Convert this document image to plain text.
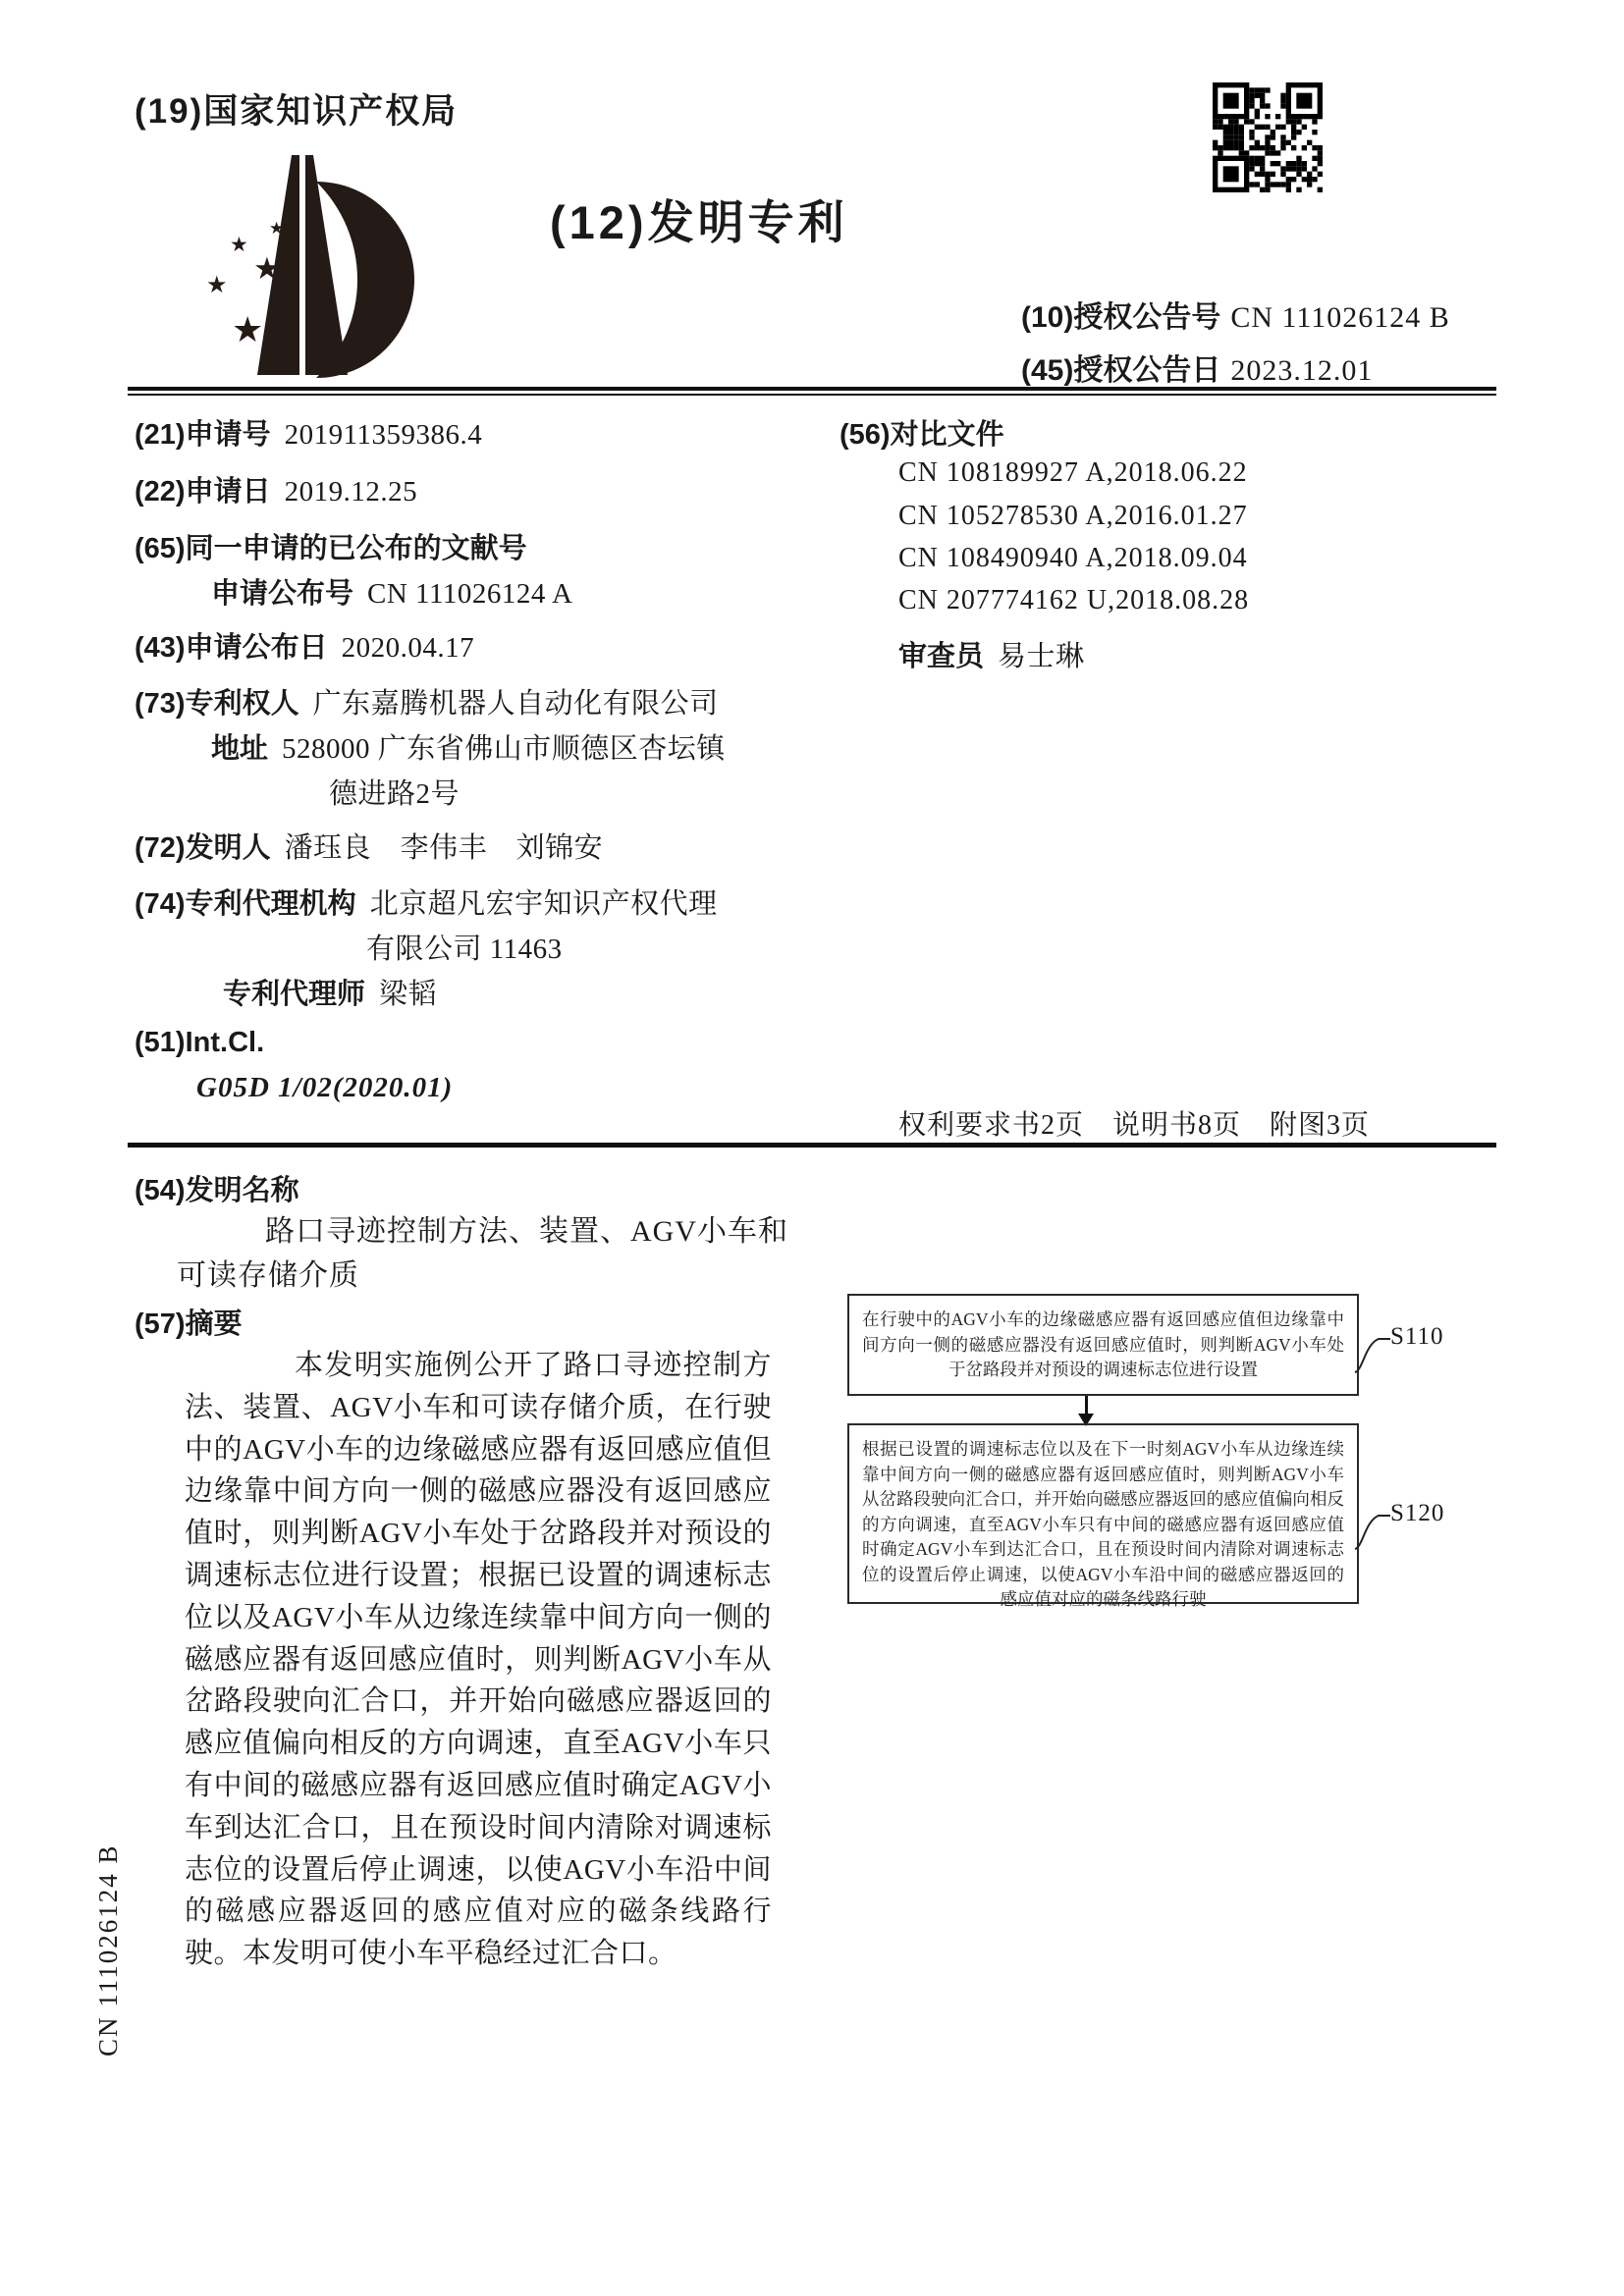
(19)国家知识产权局
★
★
★
★
★
(12)发明专利
(10)授权公告号 CN 111026124 B
(45)授权公告日 2023.12.01
(21)申请号 201911359386.4
(22)申请日 2019.12.25
(65)同一申请的已公布的文献号
申请公布号 CN 111026124 A
(43)申请公布日 2020.04.17
(73)专利权人 广东嘉腾机器人自动化有限公司
地址 528000 广东省佛山市顺德区杏坛镇
德进路2号
(72)发明人 潘珏良　李伟丰　刘锦安
(74)专利代理机构 北京超凡宏宇知识产权代理
有限公司 11463
专利代理师 梁韬
(51)Int.Cl.
G05D 1/02(2020.01)
(56)对比文件
CN 108189927 A,2018.06.22
CN 105278530 A,2016.01.27
CN 108490940 A,2018.09.04
CN 207774162 U,2018.08.28
审查员 易士琳
权利要求书2页　说明书8页　附图3页
(54)发明名称
路口寻迹控制方法、装置、AGV小车和可读存储介质
(57)摘要
本发明实施例公开了路口寻迹控制方法、装置、AGV小车和可读存储介质，在行驶中的AGV小车的边缘磁感应器有返回感应值但边缘靠中间方向一侧的磁感应器没有返回感应值时，则判断AGV小车处于岔路段并对预设的调速标志位进行设置；根据已设置的调速标志位以及AGV小车从边缘连续靠中间方向一侧的磁感应器有返回感应值时，则判断AGV小车从岔路段驶向汇合口，并开始向磁感应器返回的感应值偏向相反的方向调速，直至AGV小车只有中间的磁感应器有返回感应值时确定AGV小车到达汇合口，且在预设时间内清除对调速标志位的设置后停止调速，以使AGV小车沿中间的磁感应器返回的感应值对应的磁条线路行驶。本发明可使小车平稳经过汇合口。
在行驶中的AGV小车的边缘磁感应器有返回感应值但边缘靠中间方向一侧的磁感应器没有返回感应值时，则判断AGV小车处于岔路段并对预设的调速标志位进行设置
根据已设置的调速标志位以及在下一时刻AGV小车从边缘连续靠中间方向一侧的磁感应器有返回感应值时，则判断AGV小车从岔路段驶向汇合口，并开始向磁感应器返回的感应值偏向相反的方向调速，直至AGV小车只有中间的磁感应器有返回感应值时确定AGV小车到达汇合口，且在预设时间内清除对调速标志位的设置后停止调速，以使AGV小车沿中间的磁感应器返回的感应值对应的磁条线路行驶
S110
S120
CN 111026124 B
